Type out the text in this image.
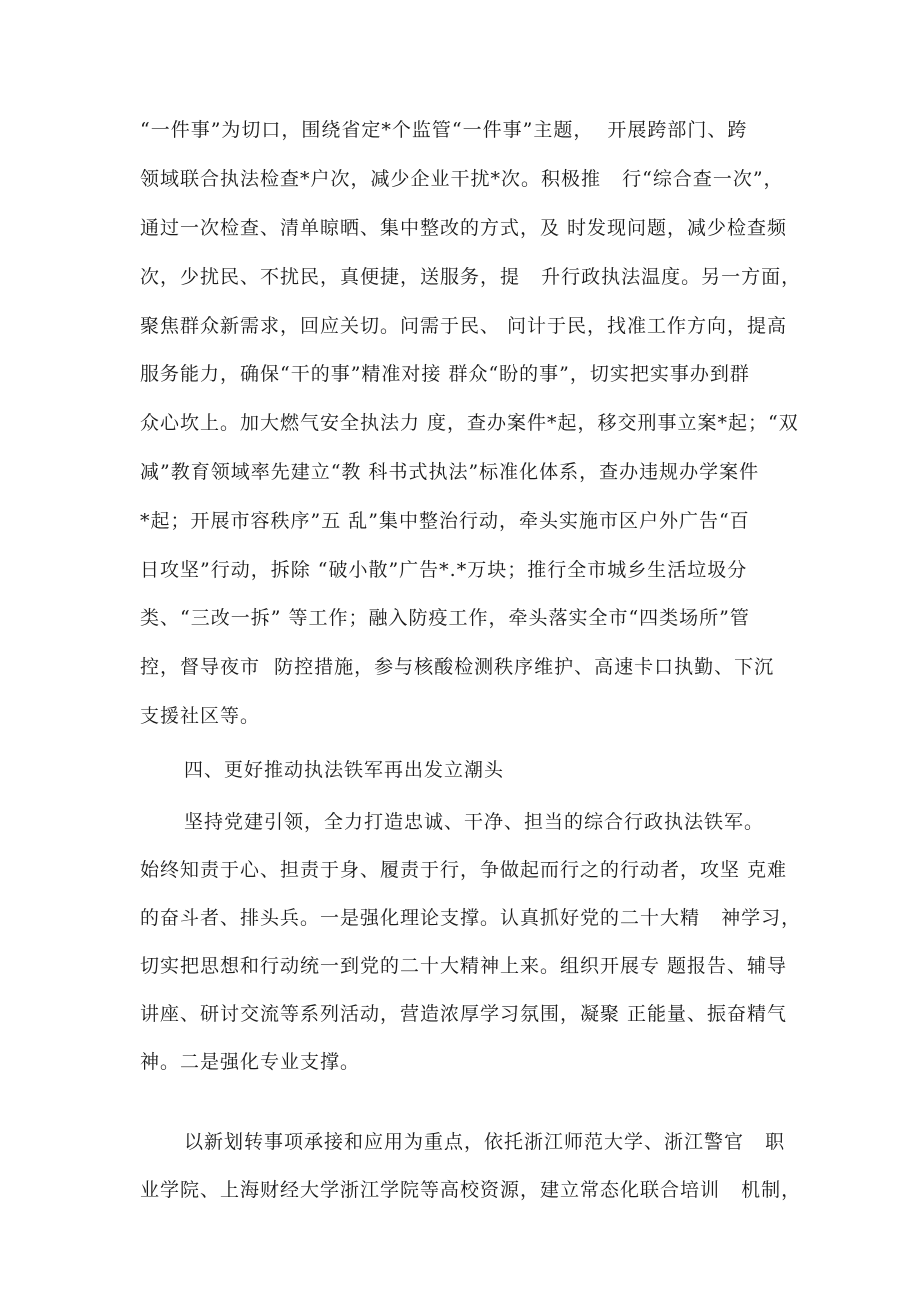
“一件事”为切口，围绕省定*个监管“一件事”主题，  开展跨部门、跨
领域联合执法检查*户次，减少企业干扰*次。积极推   行“综合查一次”，
通过一次检查、清单晾晒、集中整改的方式，及 时发现问题，减少检查频
次，少扰民、不扰民，真便捷，送服务，提   升行政执法温度。另一方面，
聚焦群众新需求，回应关切。问需于民、 问计于民，找准工作方向，提高
服务能力，确保“干的事”精准对接 群众“盼的事”，切实把实事办到群
众心坎上。加大燃气安全执法力 度，查办案件*起，移交刑事立案*起；“双
减”教育领域率先建立“教 科书式执法”标准化体系，查办违规办学案件
*起；开展市容秩序”五 乱”集中整治行动，牵头实施市区户外广告“百
日攻坚”行动，拆除 “破小散”广告*.*万块；推行全市城乡生活垃圾分
类、“三改一拆” 等工作；融入防疫工作，牵头落实全市“四类场所”管
控，督导夜市  防控措施，参与核酸检测秩序维护、高速卡口执勤、下沉
支援社区等。
四、更好推动执法铁军再出发立潮头
坚持党建引领，全力打造忠诚、干净、担当的综合行政执法铁军。
始终知责于心、担责于身、履责于行，争做起而行之的行动者，攻坚 克难
的奋斗者、排头兵。一是强化理论支撑。认真抓好党的二十大精   神学习，
切实把思想和行动统一到党的二十大精神上来。组织开展专 题报告、辅导
讲座、研讨交流等系列活动，营造浓厚学习氛围，凝聚 正能量、振奋精气
神。二是强化专业支撑。
以新划转事项承接和应用为重点，依托浙江师范大学、浙江警官   职
业学院、上海财经大学浙江学院等高校资源，建立常态化联合培训   机制，
